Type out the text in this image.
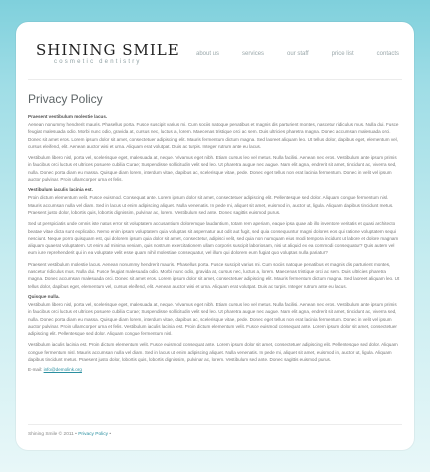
SHINING SMILE
cosmetic dentistry
about us	services	our staff	price list	contacts
Privacy Policy
Praesent vestibulum molestie lacus.

Aenean nonummy hendrerit mauris. Phasellus porta. Fusce suscipit varius mi. Cum sociis natoque penatibus et magnis dis parturient montes, nascetur ridiculus mus. Nulla dui. Fusce feugiat malesuada odio. Morbi nunc odio, gravida at, cursus nec, luctus a, lorem. Maecenas tristique orci ac sem. Duis ultricies pharetra magna. Donec accumsan malesuada orci. Donec sit amet eros. Lorem ipsum dolor sit amet, consectetuer adipiscing elit. Mauris fermentum dictum magna. Sed laoreet aliquam leo. Ut tellus dolor, dapibus eget, elementum vel, cursus eleifend, elit. Aenean auctor wisi et urna. Aliquam erat volutpat. Duis ac turpis. Integer rutrum ante eu lacus.

Vestibulum libero nisl, porta vel, scelerisque eget, malesuada at, neque. Vivamus eget nibh. Etiam cursus leo vel metus. Nulla facilisi. Aenean nec eros. Vestibulum ante ipsum primis in faucibus orci luctus et ultrices posuere cubilia Curae; Suspendisse sollicitudin velit sed leo. Ut pharetra augue nec augue. Nam elit agna, endrerit sit amet, tincidunt ac, viverra sed, nulla. Donec porta diam eu massa. Quisque diam lorem, interdum vitae, dapibus ac, scelerisque vitae, pede. Donec eget tellus non erat lacinia fermentum. Donec in velit vel ipsum auctor pulvinar. Proin ullamcorper urna et felis.

Vestibulum iaculis lacinia est.

Proin dictum elementum velit. Fusce euismod. Consequat ante. Lorem ipsum dolor sit amet, consectetuer adipiscing elit. Pellentesque sed dolor. Aliquam congue fermentum nisl. Mauris accumsan nulla vel diam. Sed in lacus ut enim adipiscing aliquet. Nulla venenatis. In pede mi, aliquet sit amet, euismod in, auctor ut, ligula. Aliquam dapibus tincidunt metus. Praesent justo dolor, lobortis quis, lobortis dignissim, pulvinar ac, lorem. Vestibulum sed ante. Donec sagittis euismod purus.

Sed ut perspiciatis unde omnis iste natus error sit voluptatem accusantium doloremque laudantium, totam rem aperiam, eaque ipsa quae ab illo inventore veritatis et quasi architecto beatae vitae dicta sunt explicabo. Nemo enim ipsam voluptatem quia voluptas sit aspernatur aut odit aut fugit, sed quia consequuntur magni dolores eos qui ratione voluptatem sequi nesciunt. Neque porro quisquam est, qui dolorem ipsum quia dolor sit amet, consectetur, adipisci velit, sed quia non numquam eius modi tempora incidunt ut labore et dolore magnam aliquam quaerat voluptatem. Ut enim ad minima veniam, quis nostrum exercitationem ullam corporis suscipit laboriosam, nisi ut aliquid ex ea commodi consequatur? Quis autem vel eum iure reprehenderit qui in ea voluptate velit esse quam nihil molestiae consequatur, vel illum qui dolorem eum fugiat quo voluptas nulla pariatur?

Praesent vestibulum molestie lacus. Aenean nonummy hendrerit mauris. Phasellus porta. Fusce suscipit varius mi. Cum sociis natoque penatibus et magnis dis parturient montes, nascetur ridiculus mus. Nulla dui. Fusce feugiat malesuada odio. Morbi nunc odio, gravida at, cursus nec, luctus a, lorem. Maecenas tristique orci ac sem. Duis ultricies pharetra magna. Donec accumsan malesuada orci. Donec sit amet eros. Lorem ipsum dolor sit amet, consectetuer adipiscing elit. Mauris fermentum dictum magna. Sed laoreet aliquam leo. Ut tellus dolor, dapibus eget, elementum vel, cursus eleifend, elit. Aenean auctor wisi et urna. Aliquam erat volutpat. Duis ac turpis. Integer rutrum ante eu lacus.

Quisque nulla.

Vestibulum libero nisl, porta vel, scelerisque eget, malesuada at, neque. Vivamus eget nibh. Etiam cursus leo vel metus. Nulla facilisi. Aenean nec eros. Vestibulum ante ipsum primis in faucibus orci luctus et ultrices posuere cubilia Curae; Suspendisse sollicitudin velit sed leo. Ut pharetra augue nec augue. Nam elit agna, endrerit sit amet, tincidunt ac, viverra sed, nulla. Donec porta diam eu massa. Quisque diam lorem, interdum vitae, dapibus ac, scelerisque vitae, pede. Donec eget tellus non erat lacinia fermentum. Donec in velit vel ipsum auctor pulvinar. Proin ullamcorper urna et felis. Vestibulum iaculis lacinia est. Proin dictum elementum velit. Fusce euismod consequat ante. Lorem ipsum dolor sit amet, consectetuer adipiscing elit. Pellentesque sed dolor. Aliquam congue fermentum nisl.

Vestibulum iaculis lacinia est. Proin dictum elementum velit. Fusce euismod consequat ante. Lorem ipsum dolor sit amet, consectetuer adipiscing elit. Pellentesque sed dolor. Aliquam congue fermentum nisl. Mauris accumsan nulla vel diam. Sed in lacus ut enim adipiscing aliquet. Nulla venenatis. In pede mi, aliquet sit amet, euismod in, auctor ut, ligula. Aliquam dapibus tincidunt metus. Praesent justo dolor, lobortis quis, lobortis dignissim, pulvinar ac, lorem. Vestibulum sed ante. Donec sagittis euismod purus.

E-mail: info@demolink.org
Shining Smile © 2011 • Privacy Policy •
